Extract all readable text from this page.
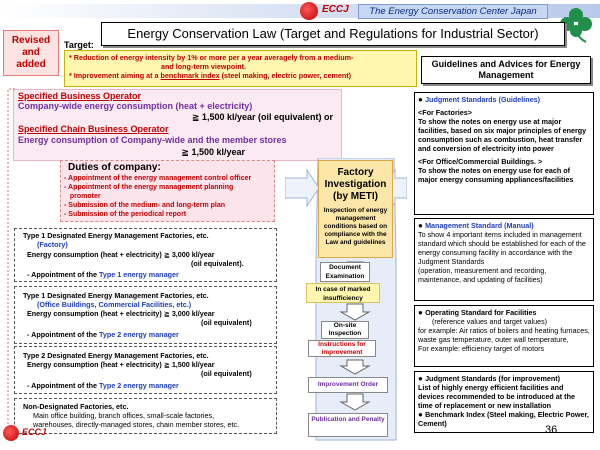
ECCJ	The Energy Conservation Center Japan
Revised
and
added
Energy Conservation Law (Target and Regulations for Industrial Sector)
Target:
* Reduction of energy intensity by 1% or more per a year averagely from a medium-
and long-term viewpoint.
* Improvement aiming at a benchmark index (steel making, electric power, cement)
Specified Business Operator
Company-wide energy consumption (heat + electricity)
≧ 1,500 kl/year (oil equivalent) or
Specified Chain Business Operator
Energy consumption of Company-wide and the member stores
≧ 1,500 kl/year
Duties of company:
- Appointment of the energy management control officer
- Appointment of the energy management planning
promoter
- Submission of the medium- and long-term plan
- Submission of the periodical report
Type 1 Designated Energy Management Factories, etc.
(Factory)
Energy consumption (heat + electricity) ≧ 3,000 kl/year
(oil equivalent).
- Appointment of the Type 1 energy manager
Type 1 Designated Energy Management Factories, etc.
(Office Buildings, Commercial Facilities, etc.)
Energy consumption (heat + electricity) ≧ 3,000 kl/year
(oil equivalent)
- Appointment of the Type 2 energy manager
Type 2 Designated Energy Management Factories, etc.
Energy consumption (heat + electricity) ≧ 1,500 kl/year
(oil equivalent)
- Appointment of the Type 2 energy manager
Non-Designated Factories, etc.
Main office building, branch offices, small-scale factories,
warehouses, directly-managed stores, chain member stores, etc.
Factory Investigation (by METI)
Inspection of energy management conditions based on compliance with the Law and guidelines
Document Examination
In case of marked insufficiency
On-site Inspection
Instructions for improvement
Improvement Order
Publication and Penalty
Guidelines and Advices for Energy Management
● Judgment Standards (Guidelines)
<For Factories>
To show the notes on energy use at major facilities, based on six major principles of energy consumption such as combustion, heat transfer and conversion of electricity into power
<For Office/Commercial Buildings. >
To show the notes on energy use for each of major energy consuming appliances/facilities
● Management Standard (Manual)
To show 4 important items included in management standard which should be established for each of the energy consuming facility in accordance with the Judgment Standards
(operation, measurement and recording, maintenance, and updating of facilities)
● Operating Standard for Facilities
(reference values and target values)
for example: Air ratios of boilers and heating furnaces, waste gas temperature, outer wall temperature,
For example: efficiency target of motors
● Judgment Standards (for improvement)
List of highly energy efficient facilities and devices recommended to be introduced at the time of replacement or new installation
● Benchmark Index (Steel making, Electric Power, Cement)
ECCJ	36
